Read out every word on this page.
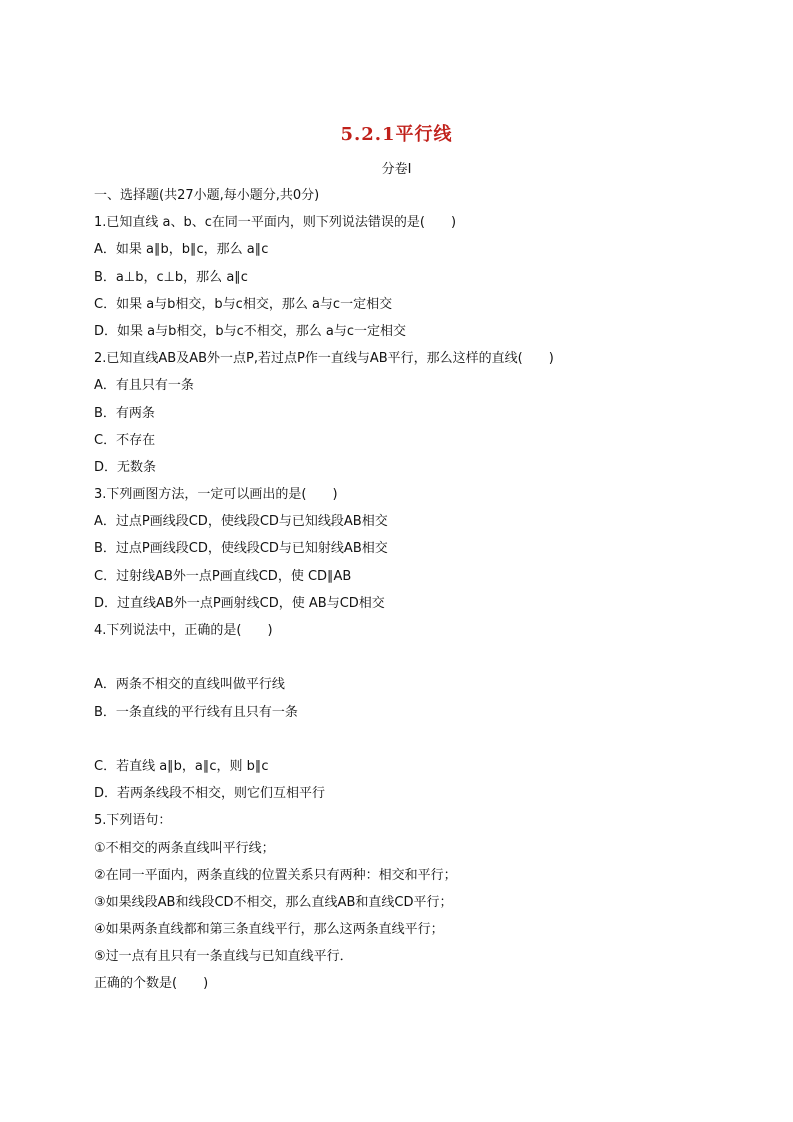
5.2.1平行线
分卷I
一、选择题(共27小题,每小题分,共0分)
1.已知直线 a、b、c在同一平面内，则下列说法错误的是(　　)
A．如果 a∥b，b∥c，那么 a∥c
B．a⊥b，c⊥b，那么 a∥c
C．如果 a与b相交，b与c相交，那么 a与c一定相交
D．如果 a与b相交，b与c不相交，那么 a与c一定相交
2.已知直线AB及AB外一点P,若过点P作一直线与AB平行，那么这样的直线(　　)
A．有且只有一条
B．有两条
C．不存在
D．无数条
3.下列画图方法，一定可以画出的是(　　)
A．过点P画线段CD，使线段CD与已知线段AB相交
B．过点P画线段CD，使线段CD与已知射线AB相交
C．过射线AB外一点P画直线CD，使 CD∥AB
D．过直线AB外一点P画射线CD，使 AB与CD相交
4.下列说法中，正确的是(　　)
A．两条不相交的直线叫做平行线
B．一条直线的平行线有且只有一条
C．若直线 a∥b，a∥c，则 b∥c
D．若两条线段不相交，则它们互相平行
5.下列语句：
①不相交的两条直线叫平行线；
②在同一平面内，两条直线的位置关系只有两种：相交和平行；
③如果线段AB和线段CD不相交，那么直线AB和直线CD平行；
④如果两条直线都和第三条直线平行，那么这两条直线平行；
⑤过一点有且只有一条直线与已知直线平行．
正确的个数是(　　)
